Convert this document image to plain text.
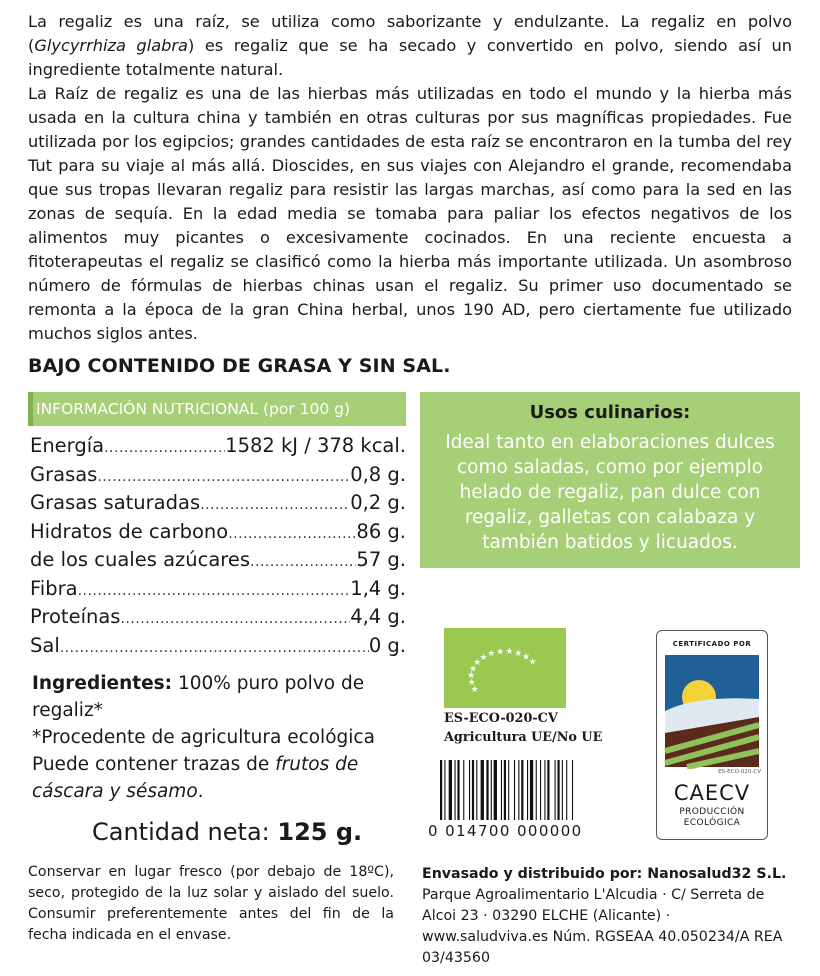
La regaliz es una raíz, se utiliza como saborizante y endulzante. La regaliz en polvo (Glycyrrhiza glabra) es regaliz que se ha secado y convertido en polvo, siendo así un ingrediente totalmente natural.

La Raíz de regaliz es una de las hierbas más utilizadas en todo el mundo y la hierba más usada en la cultura china y también en otras culturas por sus magníficas propiedades. Fue utilizada por los egipcios; grandes cantidades de esta raíz se encontraron en la tumba del rey Tut para su viaje al más allá. Dioscides, en sus viajes con Alejandro el grande, recomendaba que sus tropas llevaran regaliz para resistir las largas marchas, así como para la sed en las zonas de sequía. En la edad media se tomaba para paliar los efectos negativos de los alimentos muy picantes o excesivamente cocinados. En una reciente encuesta a fitoterapeutas el regaliz se clasificó como la hierba más importante utilizada. Un asombroso número de fórmulas de hierbas chinas usan el regaliz. Su primer uso documentado se remonta a la época de la gran China herbal, unos 190 AD, pero ciertamente fue utilizado muchos siglos antes.

BAJO CONTENIDO DE GRASA Y SIN SAL.
INFORMACIÓN NUTRICIONAL (por 100 g)
Energía .....	1582 kJ / 378 kcal.
Grasas .....	0,8 g.
Grasas saturadas .....	0,2 g.
Hidratos de carbono .....	86 g.
de los cuales azúcares .....	57 g.
Fibra .....	1,4 g.
Proteínas .....	4,4 g.
Sal .....	0 g.
Usos culinarios:
Ideal tanto en elaboraciones dulces como saladas, como por ejemplo helado de regaliz, pan dulce con regaliz, galletas con calabaza y también batidos y licuados.
Ingredientes: 100% puro polvo de regaliz*
*Procedente de agricultura ecológica
Puede contener trazas de frutos de cáscara y sésamo.
Cantidad neta: 125 g.
Conservar en lugar fresco (por debajo de 18ºC), seco, protegido de la luz solar y aislado del suelo. Consumir preferentemente antes del fin de la fecha indicada en el envase.
★
★
★
★
★
★ ★ ★ ★ ★ ★
★
ES-ECO-020-CV
Agricultura UE/No UE
0 014700 000000
CERTIFICADO POR
ES-ECO-020-CV
CAECV
PRODUCCIÓN
ECOLÓGICA
Envasado y distribuido por: Nanosalud32 S.L.
Parque Agroalimentario L'Alcudia · C/ Serreta de Alcoi 23 · 03290 ELCHE (Alicante) · www.saludviva.es Núm. RGSEAA 40.050234/A REA 03/43560
